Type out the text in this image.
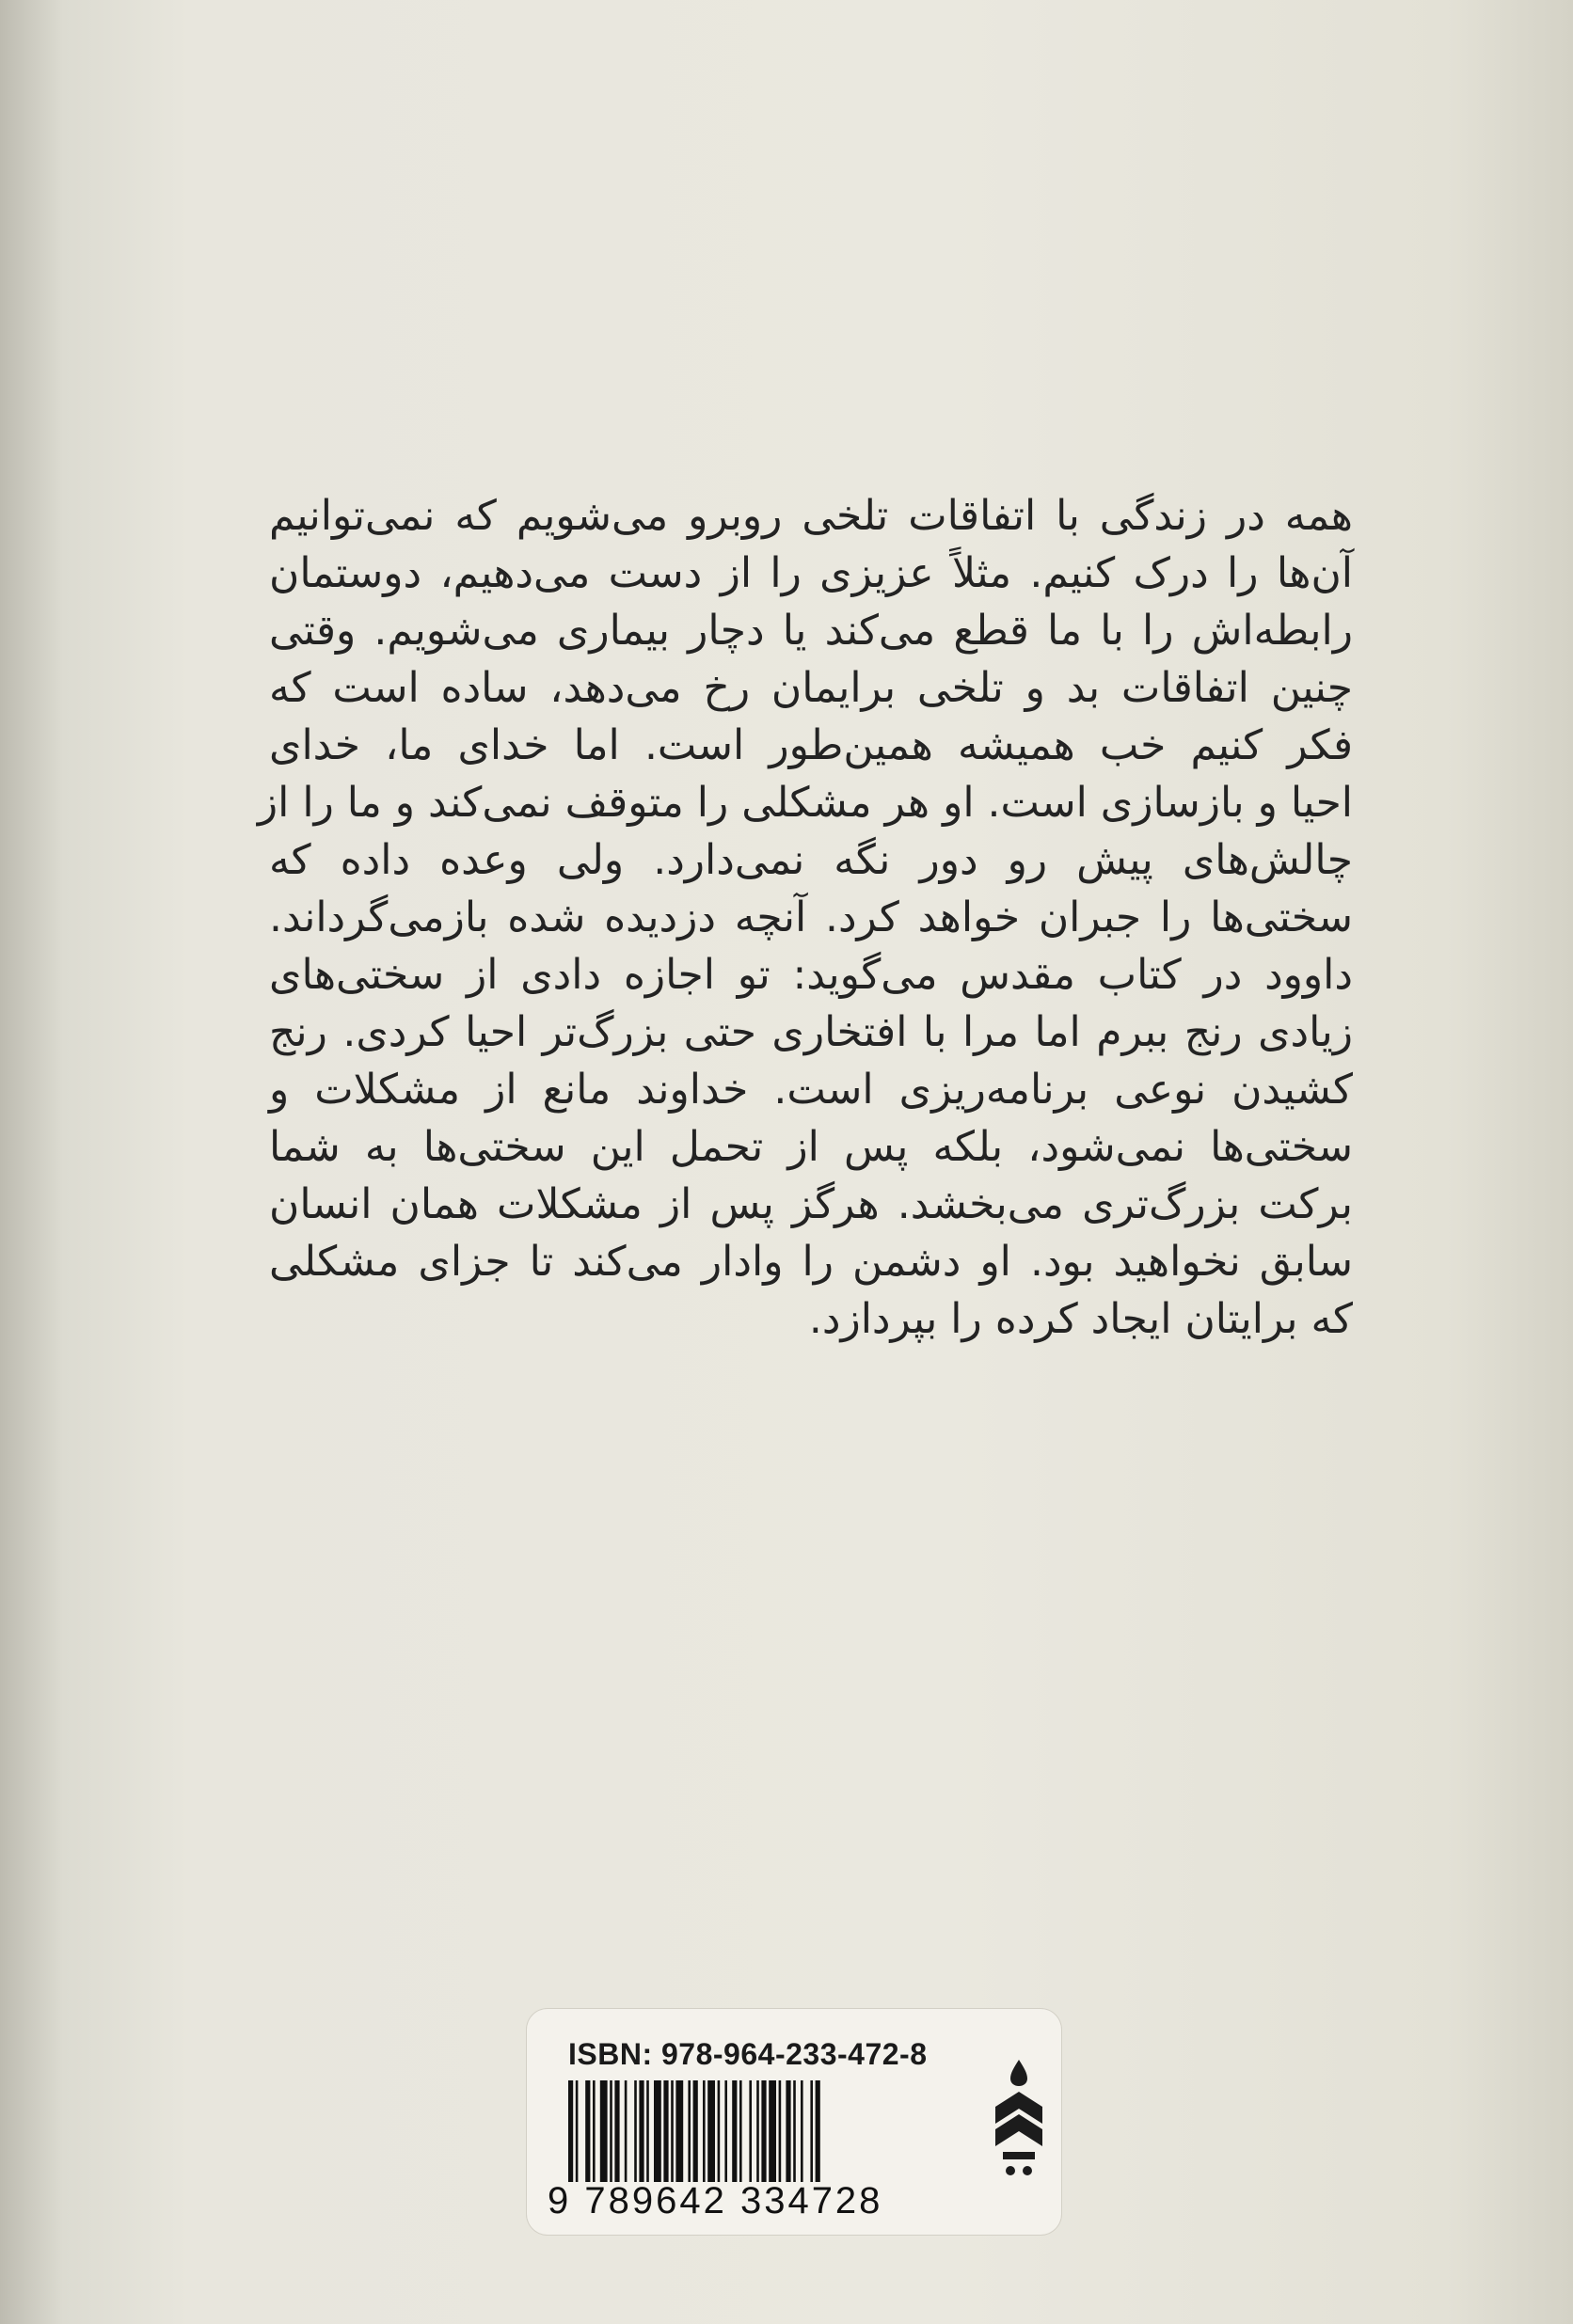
همه در زندگی با اتفاقات تلخی روبرو می‌شویم که نمی‌توانیم
آن‌ها را درک کنیم. مثلاً عزیزی را از دست می‌دهیم، دوستمان
رابطه‌اش را با ما قطع می‌کند یا دچار بیماری می‌شویم. وقتی
چنین اتفاقات بد و تلخی برایمان رخ می‌دهد، ساده است که
فکر کنیم خب همیشه همین‌طور است. اما خدای ما، خدای
احیا و بازسازی است. او هر مشکلی را متوقف نمی‌کند و ما را از
چالش‌های پیش رو دور نگه نمی‌دارد. ولی وعده داده که
سختی‌ها را جبران خواهد کرد. آنچه دزدیده شده بازمی‌گرداند.
داوود در کتاب مقدس می‌گوید: تو اجازه دادی از سختی‌های
زیادی رنج ببرم اما مرا با افتخاری حتی بزرگ‌تر احیا کردی. رنج
کشیدن نوعی برنامه‌ریزی است. خداوند مانع از مشکلات و
سختی‌ها نمی‌شود، بلکه پس از تحمل این سختی‌ها به شما
برکت بزرگ‌تری می‌بخشد. هرگز پس از مشکلات همان انسان
سابق نخواهید بود. او دشمن را وادار می‌کند تا جزای مشکلی
که برایتان ایجاد کرده را بپردازد.
ISBN: 978-964-233-472-8
9 789642 334728
